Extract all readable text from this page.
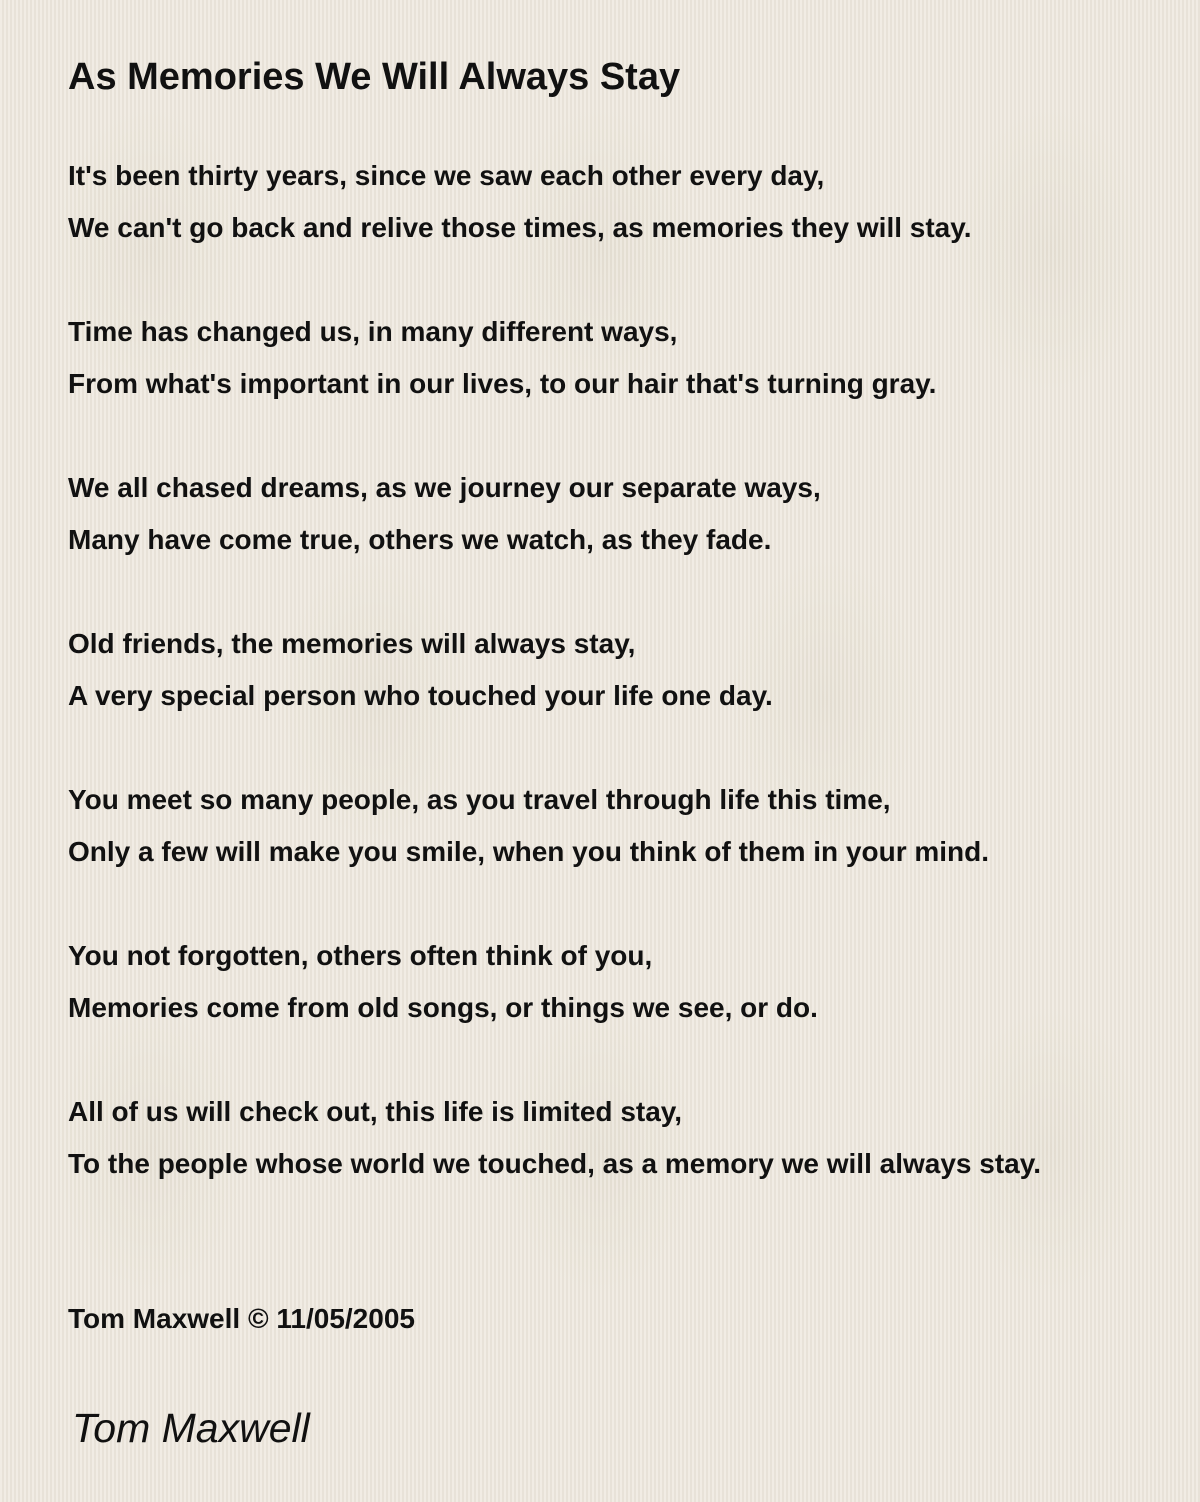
As Memories We Will Always Stay
It's been thirty years, since we saw each other every day,
We can't go back and relive those times, as memories they will stay.
Time has changed us, in many different ways,
From what's important in our lives, to our hair that's turning gray.
We all chased dreams, as we journey our separate ways,
Many have come true, others we watch, as they fade.
Old friends, the memories will always stay,
A very special person who touched your life one day.
You meet so many people, as you travel through life this time,
Only a few will make you smile, when you think of them in your mind.
You not forgotten, others often think of you,
Memories come from old songs, or things we see, or do.
All of us will check out, this life is limited stay,
To the people whose world we touched, as a memory we will always stay.
Tom Maxwell © 11/05/2005
Tom Maxwell
